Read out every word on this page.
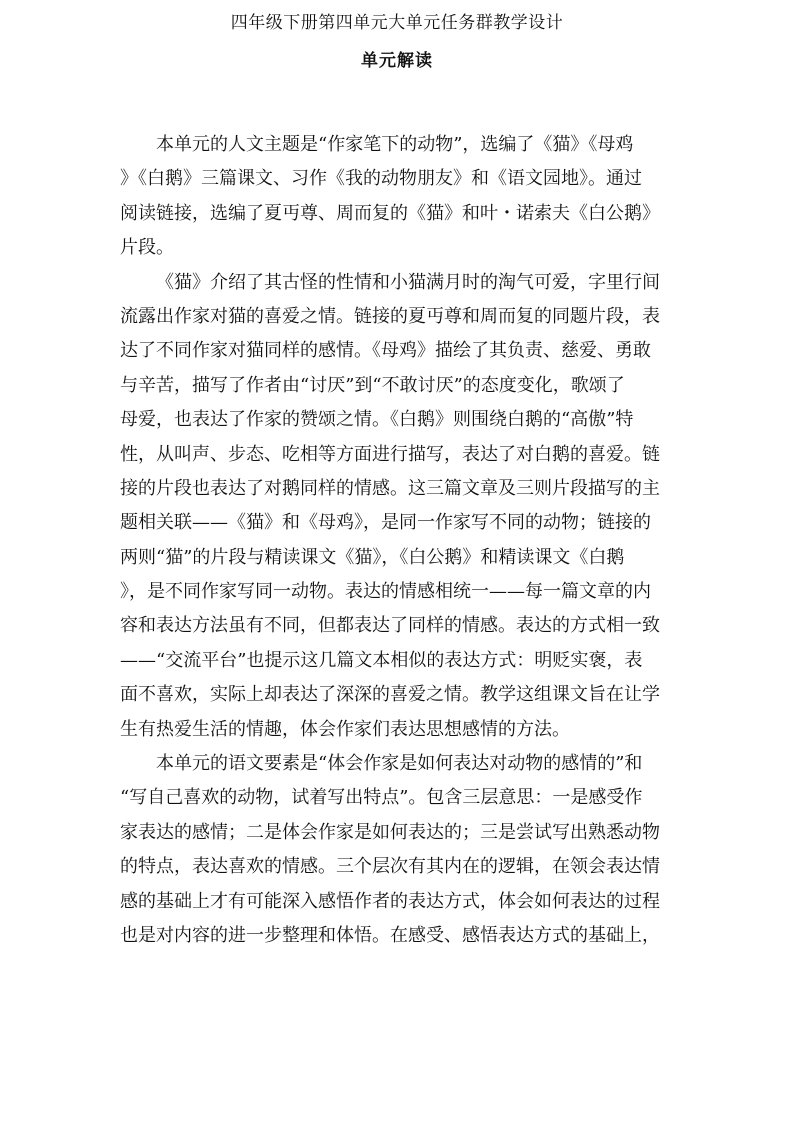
四年级下册第四单元大单元任务群教学设计
单元解读
本单元的人文主题是“作家笔下的动物”，选编了《猫》《母鸡
》《白鹅》三篇课文、习作《我的动物朋友》和《语文园地》。通过
阅读链接，选编了夏丏尊、周而复的《猫》和叶・诺索夫《白公鹅》
片段。
《猫》介绍了其古怪的性情和小猫满月时的淘气可爱，字里行间
流露出作家对猫的喜爱之情。链接的夏丏尊和周而复的同题片段，表
达了不同作家对猫同样的感情。《母鸡》描绘了其负责、慈爱、勇敢
与辛苦，描写了作者由“讨厌”到“不敢讨厌”的态度变化，歌颂了
母爱，也表达了作家的赞颂之情。《白鹅》则围绕白鹅的“高傲”特
性，从叫声、步态、吃相等方面进行描写，表达了对白鹅的喜爱。链
接的片段也表达了对鹅同样的情感。这三篇文章及三则片段描写的主
题相关联——《猫》和《母鸡》，是同一作家写不同的动物；链接的
两则“猫”的片段与精读课文《猫》，《白公鹅》和精读课文《白鹅
》，是不同作家写同一动物。表达的情感相统一——每一篇文章的内
容和表达方法虽有不同，但都表达了同样的情感。表达的方式相一致
——“交流平台”也提示这几篇文本相似的表达方式：明贬实褒，表
面不喜欢，实际上却表达了深深的喜爱之情。教学这组课文旨在让学
生有热爱生活的情趣，体会作家们表达思想感情的方法。
本单元的语文要素是“体会作家是如何表达对动物的感情的”和
“写自己喜欢的动物，试着写出特点”。包含三层意思：一是感受作
家表达的感情；二是体会作家是如何表达的；三是尝试写出熟悉动物
的特点，表达喜欢的情感。三个层次有其内在的逻辑，在领会表达情
感的基础上才有可能深入感悟作者的表达方式，体会如何表达的过程
也是对内容的进一步整理和体悟。在感受、感悟表达方式的基础上，
